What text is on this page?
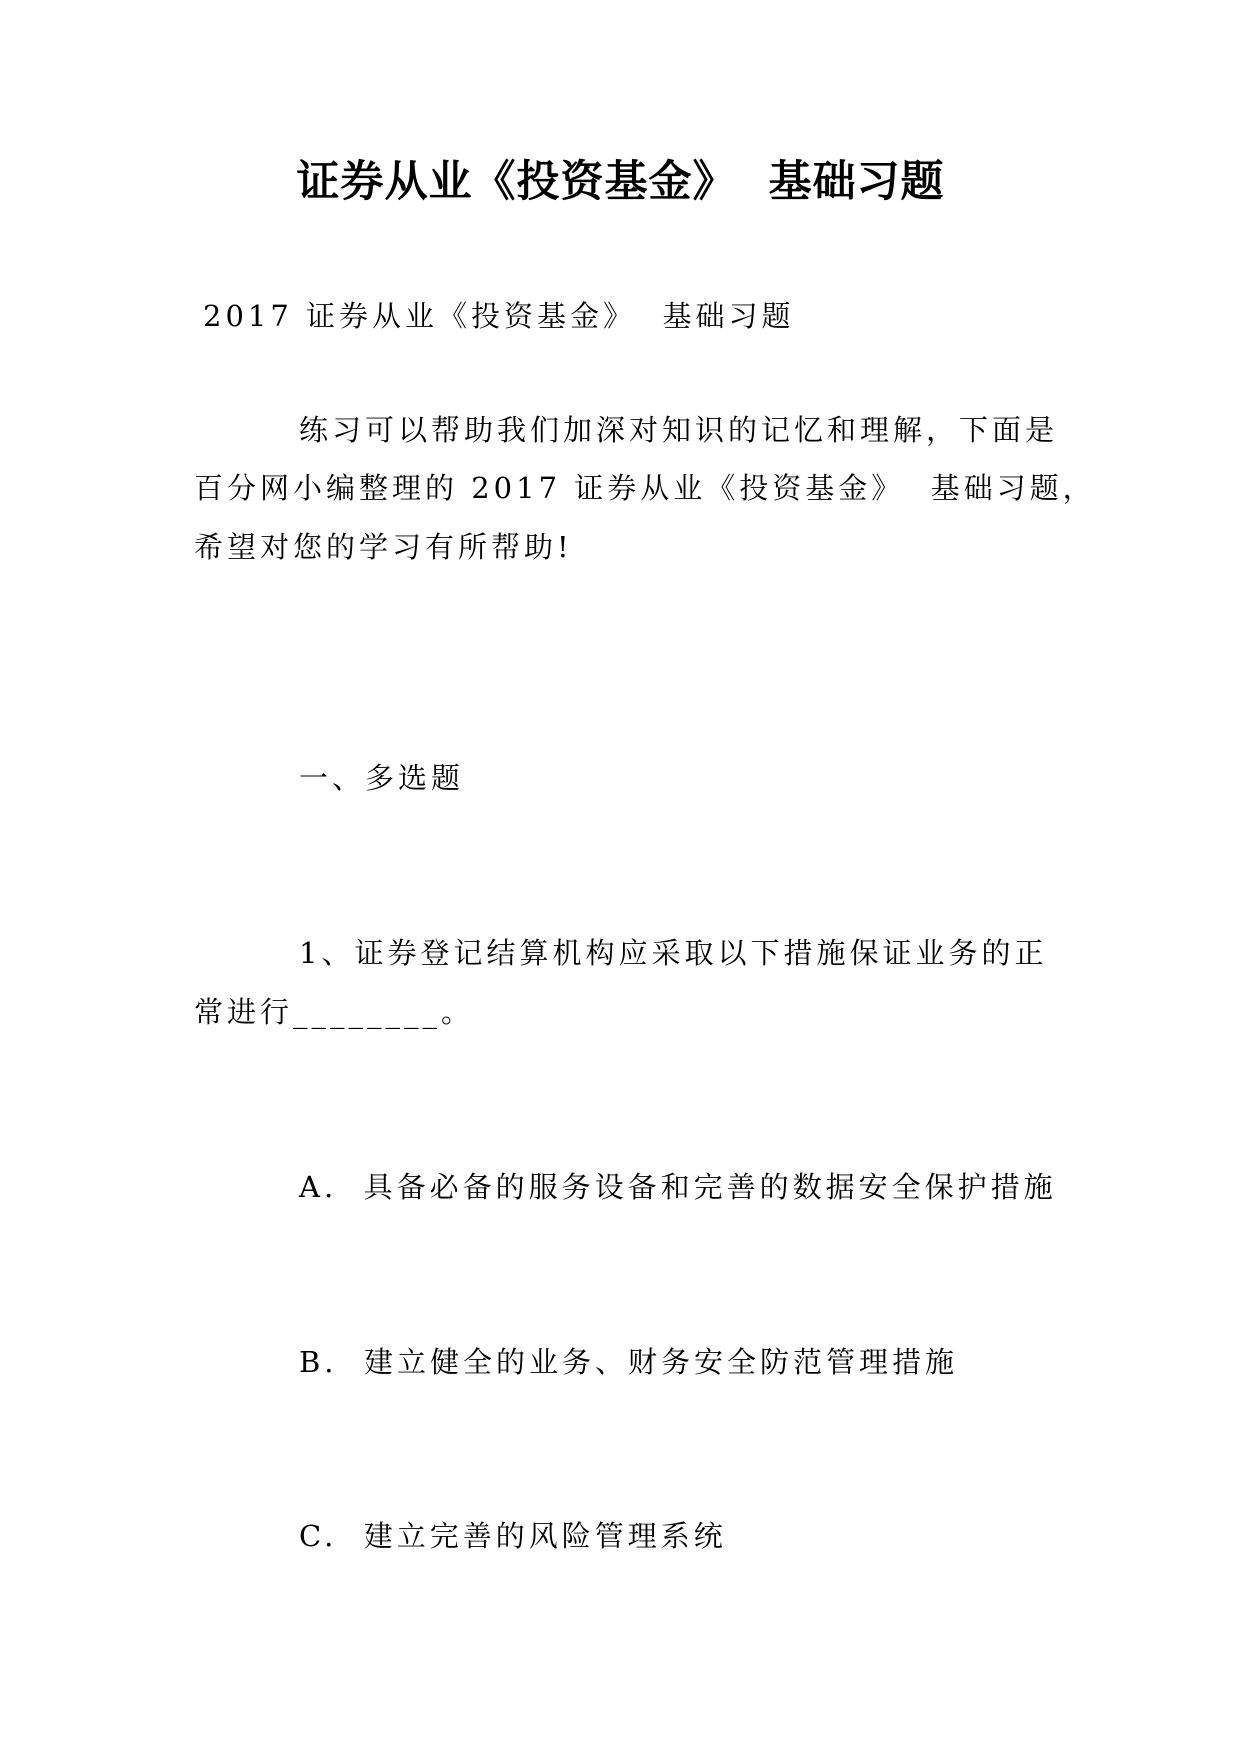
证券从业《投资基金》  基础习题
2017 证券从业《投资基金》  基础习题
练习可以帮助我们加深对知识的记忆和理解，下面是
百分网小编整理的 2017 证券从业《投资基金》  基础习题，
希望对您的学习有所帮助!
一、多选题
1、证券登记结算机构应采取以下措施保证业务的正
常进行________。
A.  具备必备的服务设备和完善的数据安全保护措施
B.  建立健全的业务、财务安全防范管理措施
C.  建立完善的风险管理系统
